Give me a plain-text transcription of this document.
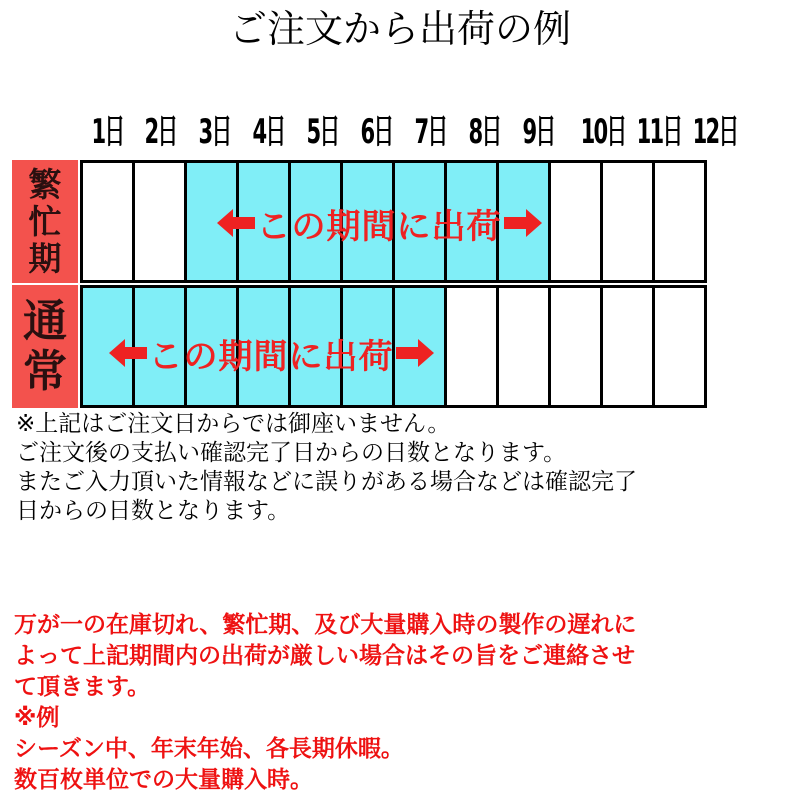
ご注文から出荷の例
1日 2日 3日 4日 5日 6日 7日 8日 9日 10日 11日 12日
繁
忙
期
通
常
この期間に出荷
この期間に出荷
※上記はご注文日からでは御座いません。
ご注文後の支払い確認完了日からの日数となります。
またご入力頂いた情報などに誤りがある場合などは確認完了
日からの日数となります。
万が一の在庫切れ、繁忙期、及び大量購入時の製作の遅れに
よって上記期間内の出荷が厳しい場合はその旨をご連絡させ
て頂きます。
※例
シーズン中、年末年始、各長期休暇。
数百枚単位での大量購入時。
